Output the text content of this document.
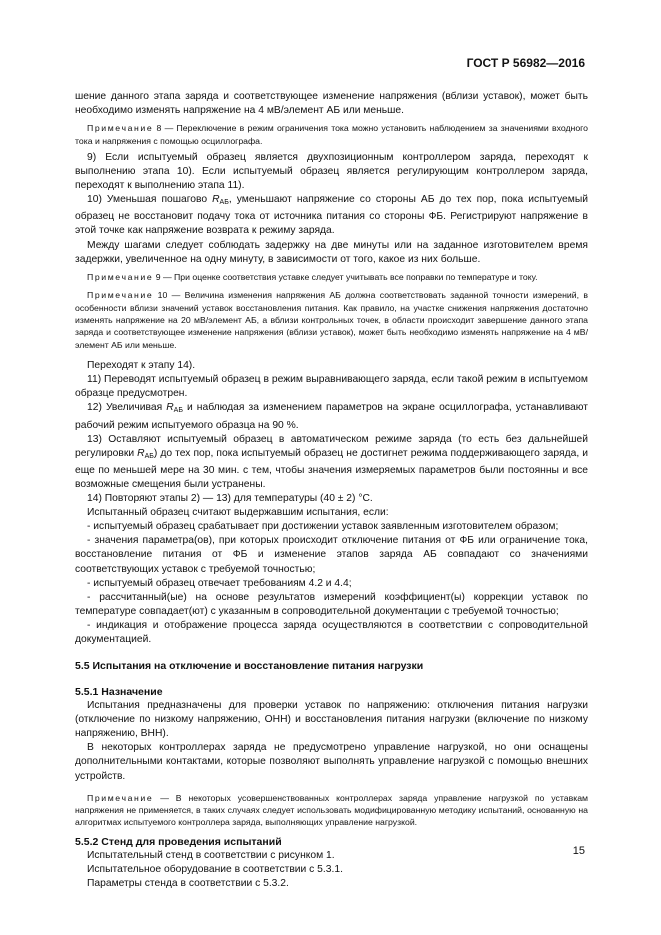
ГОСТ Р 56982—2016

шение данного этапа заряда и соответствующее изменение напряжения (вблизи уставок), может быть необходимо изменять напряжение на 4 мВ/элемент АБ или меньше.

Примечание 8 — Переключение в режим ограничения тока можно установить наблюдением за значениями входного тока и напряжения с помощью осциллографа.

9) Если испытуемый образец является двухпозиционным контроллером заряда, переходят к выполнению этапа 10). Если испытуемый образец является регулирующим контроллером заряда, переходят к выполнению этапа 11).

10) Уменьшая пошагово $R_{АБ}$, уменьшают напряжение со стороны АБ до тех пор, пока испытуемый образец не восстановит подачу тока от источника питания со стороны ФБ. Регистрируют напряжение в этой точке как напряжение возврата к режиму заряда.

Между шагами следует соблюдать задержку на две минуты или на заданное изготовителем время задержки, увеличенное на одну минуту, в зависимости от того, какое из них больше.

Примечание 9 — При оценке соответствия уставке следует учитывать все поправки по температуре и току.

Примечание 10 — Величина изменения напряжения АБ должна соответствовать заданной точности измерений, в особенности вблизи значений уставок восстановления питания. Как правило, на участке снижения напряжения достаточно изменять напряжение на 20 мВ/элемент АБ, а вблизи контрольных точек, в области происходит завершение данного этапа заряда и соответствующее изменение напряжения (вблизи уставок), может быть необходимо изменять напряжение на 4 мВ/элемент АБ или меньше.

Переходят к этапу 14).

11) Переводят испытуемый образец в режим выравнивающего заряда, если такой режим в испытуемом образце предусмотрен.

12) Увеличивая $R_{АБ}$ и наблюдая за изменением параметров на экране осциллографа, устанавливают рабочий режим испытуемого образца на 90 %.

13) Оставляют испытуемый образец в автоматическом режиме заряда (то есть без дальнейшей регулировки $R_{АБ}$) до тех пор, пока испытуемый образец не достигнет режима поддерживающего заряда, и еще по меньшей мере на 30 мин. с тем, чтобы значения измеряемых параметров были постоянны и все возможные смещения были устранены.

14) Повторяют этапы 2) — 13) для температуры (40 ± 2) °C.

Испытанный образец считают выдержавшим испытания, если:

- испытуемый образец срабатывает при достижении уставок заявленным изготовителем образом;

- значения параметра(ов), при которых происходит отключение питания от ФБ или ограничение тока, восстановление питания от ФБ и изменение этапов заряда АБ совпадают со значениями соответствующих уставок с требуемой точностью;

- испытуемый образец отвечает требованиям 4.2 и 4.4;

- рассчитанный(ые) на основе результатов измерений коэффициент(ы) коррекции уставок по температуре совпадает(ют) с указанным в сопроводительной документации с требуемой точностью;

- индикация и отображение процесса заряда осуществляются в соответствии с сопроводительной документацией.

5.5 Испытания на отключение и восстановление питания нагрузки

5.5.1 Назначение

Испытания предназначены для проверки уставок по напряжению: отключения питания нагрузки (отключение по низкому напряжению, ОНН) и восстановления питания нагрузки (включение по низкому напряжению, ВНН).

В некоторых контроллерах заряда не предусмотрено управление нагрузкой, но они оснащены дополнительными контактами, которые позволяют выполнять управление нагрузкой с помощью внешних устройств.

Примечание — В некоторых усовершенствованных контроллерах заряда управление нагрузкой по уставкам напряжения не применяется, в таких случаях следует использовать модифицированную методику испытаний, основанную на алгоритмах испытуемого контроллера заряда, выполняющих управление нагрузкой.

5.5.2 Стенд для проведения испытаний

Испытательный стенд в соответствии с рисунком 1.

Испытательное оборудование в соответствии с 5.3.1.

Параметры стенда в соответствии с 5.3.2.

15
